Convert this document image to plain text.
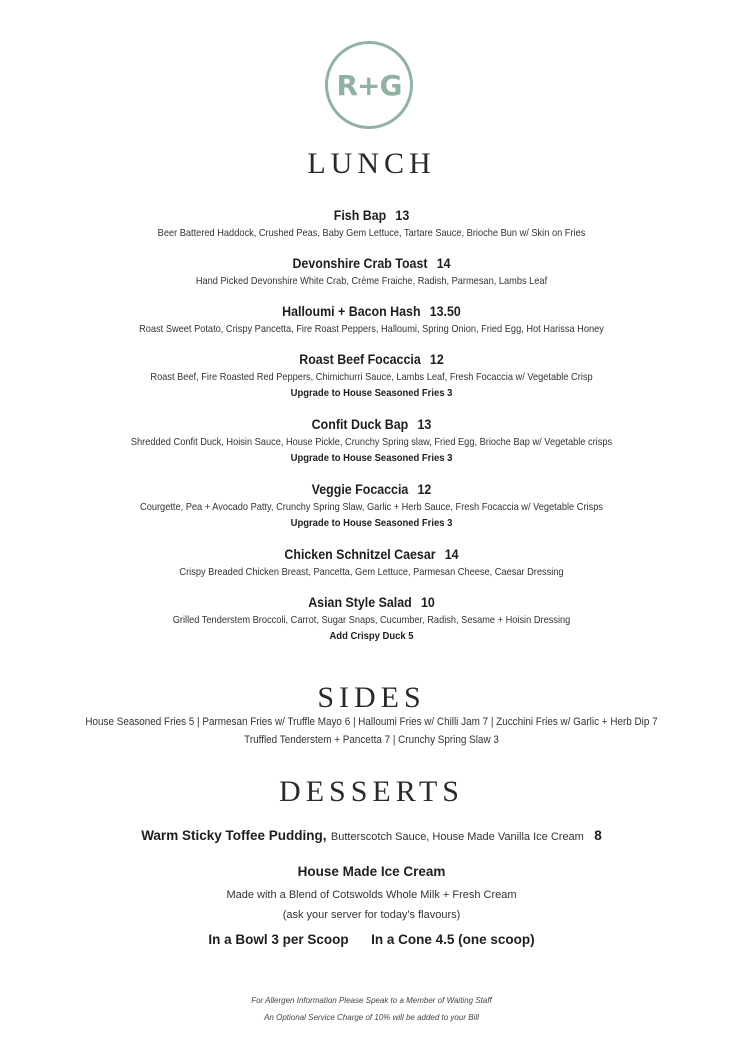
R+G
LUNCH
Fish Bap 13
Beer Battered Haddock, Crushed Peas, Baby Gem Lettuce, Tartare Sauce, Brioche Bun w/ Skin on Fries
Devonshire Crab Toast 14
Hand Picked Devonshire White Crab, Crème Fraiche, Radish, Parmesan, Lambs Leaf
Halloumi + Bacon Hash 13.50
Roast Sweet Potato, Crispy Pancetta, Fire Roast Peppers, Halloumi, Spring Onion, Fried Egg, Hot Harissa Honey
Roast Beef Focaccia 12
Roast Beef, Fire Roasted Red Peppers, Chimichurri Sauce, Lambs Leaf, Fresh Focaccia w/ Vegetable Crisp
Upgrade to House Seasoned Fries 3
Confit Duck Bap 13
Shredded Confit Duck, Hoisin Sauce, House Pickle, Crunchy Spring slaw, Fried Egg, Brioche Bap w/ Vegetable crisps
Upgrade to House Seasoned Fries 3
Veggie Focaccia 12
Courgette, Pea + Avocado Patty, Crunchy Spring Slaw, Garlic + Herb Sauce, Fresh Focaccia w/ Vegetable Crisps
Upgrade to House Seasoned Fries 3
Chicken Schnitzel Caesar 14
Crispy Breaded Chicken Breast, Pancetta, Gem Lettuce, Parmesan Cheese, Caesar Dressing
Asian Style Salad 10
Grilled Tenderstem Broccoli, Carrot, Sugar Snaps, Cucumber, Radish, Sesame + Hoisin Dressing
Add Crispy Duck 5
SIDES
House Seasoned Fries 5 | Parmesan Fries w/ Truffle Mayo 6 | Halloumi Fries w/ Chilli Jam 7 | Zucchini Fries w/ Garlic + Herb Dip 7
Truffled Tenderstem + Pancetta 7 | Crunchy Spring Slaw 3
DESSERTS
Warm Sticky Toffee Pudding, Butterscotch Sauce, House Made Vanilla Ice Cream 8
House Made Ice Cream
Made with a Blend of Cotswolds Whole Milk + Fresh Cream
(ask your server for today's flavours)
In a Bowl 3 per Scoop In a Cone 4.5 (one scoop)
For Allergen Information Please Speak to a Member of Waiting Staff
An Optional Service Charge of 10% will be added to your Bill
